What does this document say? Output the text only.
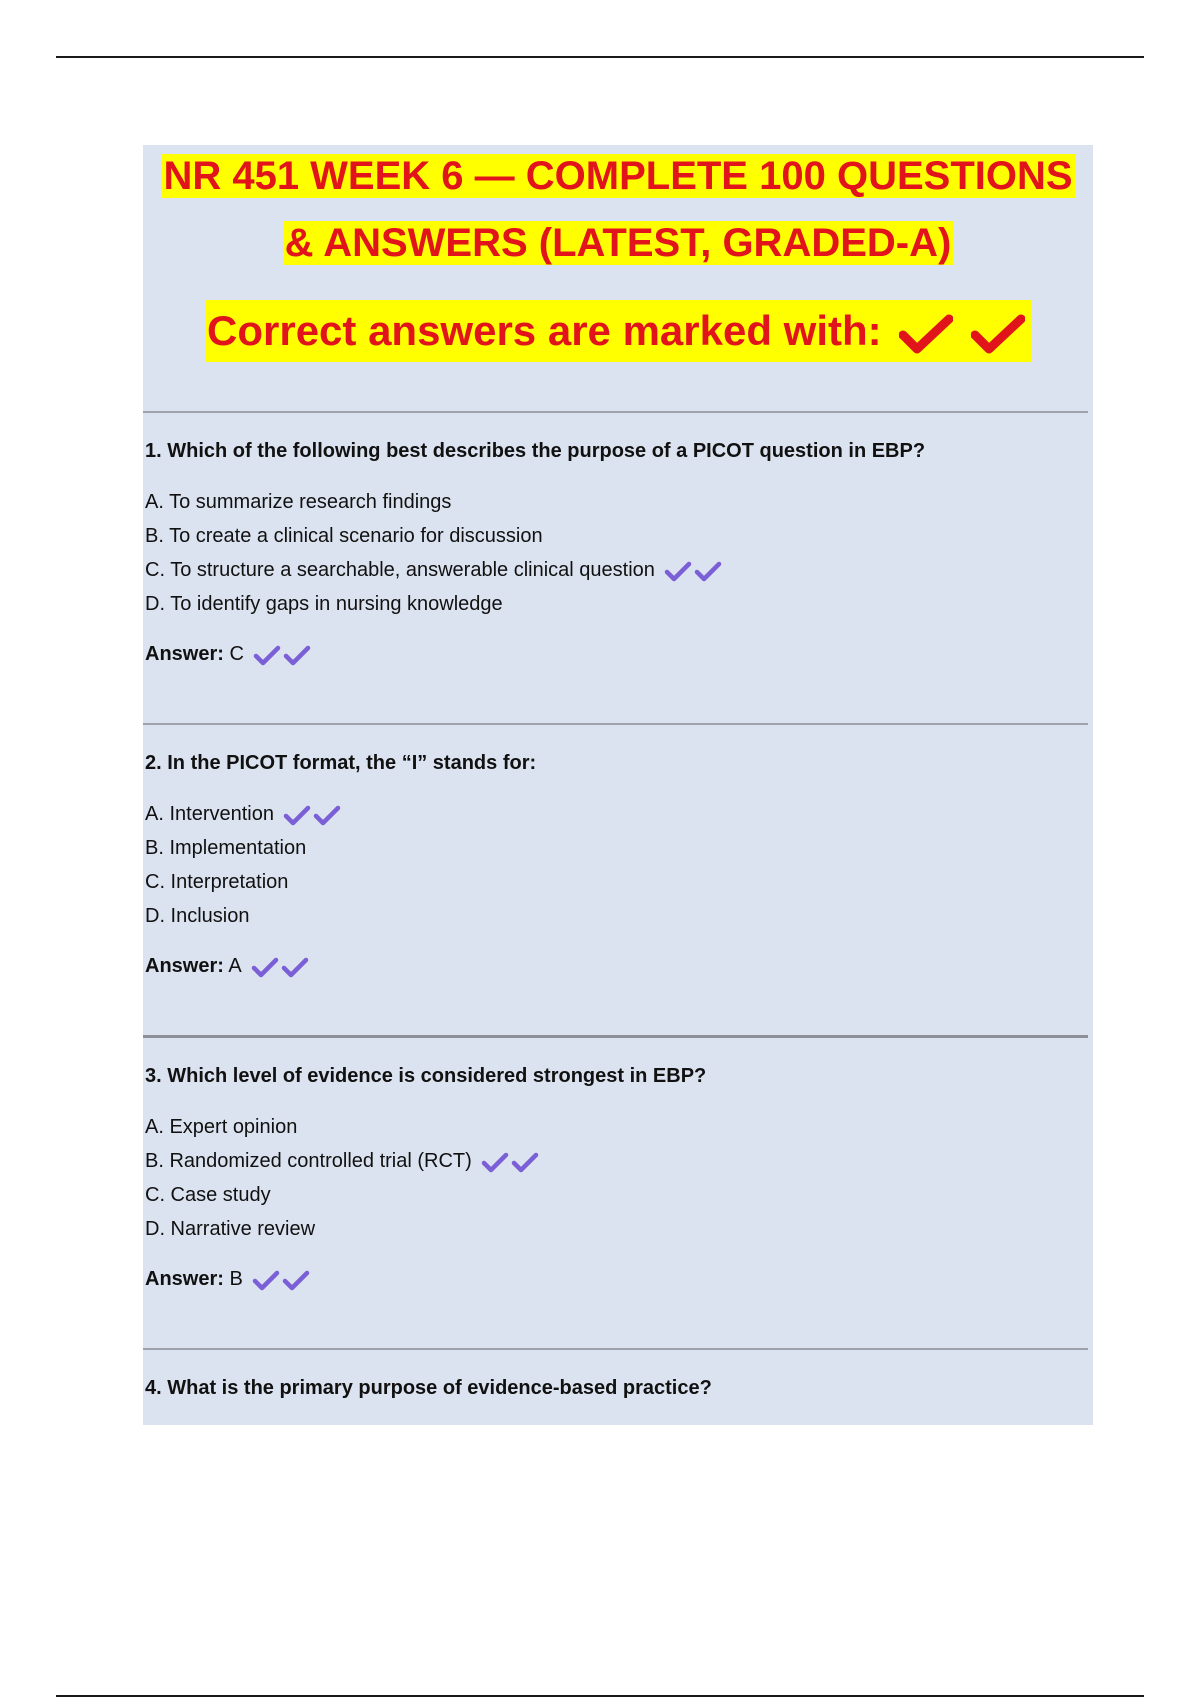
NR 451 WEEK 6 — COMPLETE 100 QUESTIONS
& ANSWERS (LATEST, GRADED-A)
Correct answers are marked with:

1. Which of the following best describes the purpose of a PICOT question in EBP?

A. To summarize research findings
B. To create a clinical scenario for discussion
C. To structure a searchable, answerable clinical question
D. To identify gaps in nursing knowledge
Answer: C

2. In the PICOT format, the “I” stands for:

A. Intervention
B. Implementation
C. Interpretation
D. Inclusion
Answer: A

3. Which level of evidence is considered strongest in EBP?

A. Expert opinion
B. Randomized controlled trial (RCT)
C. Case study
D. Narrative review
Answer: B

4. What is the primary purpose of evidence-based practice?
